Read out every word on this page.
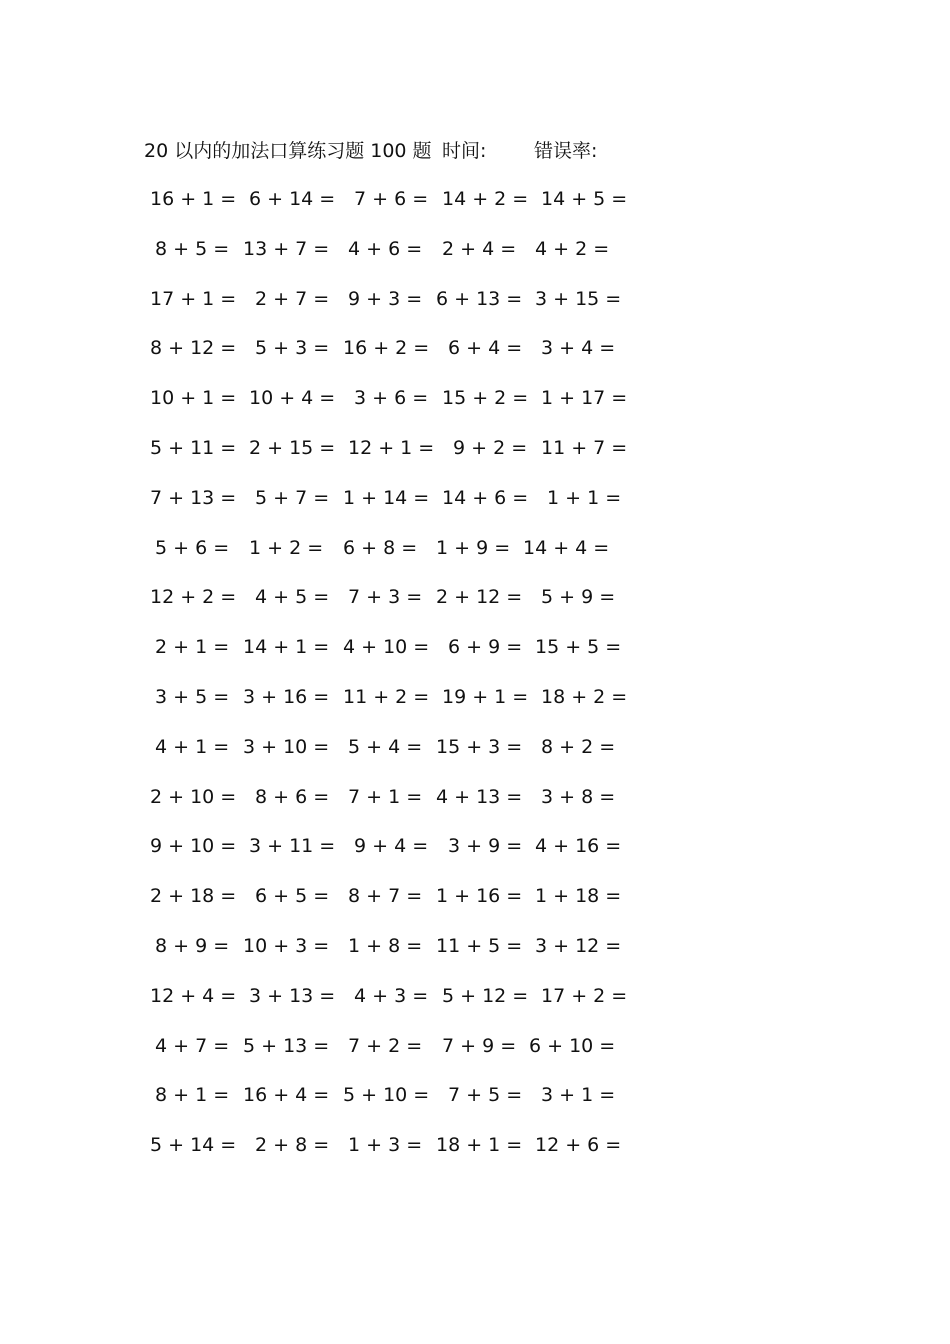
20 以内的加法口算练习题 100 题 时间:	错误率:
16 + 1 = 6 + 14 = 7 + 6 = 14 + 2 = 14 + 5 =
8 + 5 = 13 + 7 = 4 + 6 = 2 + 4 = 4 + 2 =
17 + 1 = 2 + 7 = 9 + 3 = 6 + 13 = 3 + 15 =
8 + 12 = 5 + 3 = 16 + 2 = 6 + 4 = 3 + 4 =
10 + 1 = 10 + 4 = 3 + 6 = 15 + 2 = 1 + 17 =
5 + 11 = 2 + 15 = 12 + 1 = 9 + 2 = 11 + 7 =
7 + 13 = 5 + 7 = 1 + 14 = 14 + 6 = 1 + 1 =
5 + 6 = 1 + 2 = 6 + 8 = 1 + 9 = 14 + 4 =
12 + 2 = 4 + 5 = 7 + 3 = 2 + 12 = 5 + 9 =
2 + 1 = 14 + 1 = 4 + 10 = 6 + 9 = 15 + 5 =
3 + 5 = 3 + 16 = 11 + 2 = 19 + 1 = 18 + 2 =
4 + 1 = 3 + 10 = 5 + 4 = 15 + 3 = 8 + 2 =
2 + 10 = 8 + 6 = 7 + 1 = 4 + 13 = 3 + 8 =
9 + 10 = 3 + 11 = 9 + 4 = 3 + 9 = 4 + 16 =
2 + 18 = 6 + 5 = 8 + 7 = 1 + 16 = 1 + 18 =
8 + 9 = 10 + 3 = 1 + 8 = 11 + 5 = 3 + 12 =
12 + 4 = 3 + 13 = 4 + 3 = 5 + 12 = 17 + 2 =
4 + 7 = 5 + 13 = 7 + 2 = 7 + 9 = 6 + 10 =
8 + 1 = 16 + 4 = 5 + 10 = 7 + 5 = 3 + 1 =
5 + 14 = 2 + 8 = 1 + 3 = 18 + 1 = 12 + 6 =
